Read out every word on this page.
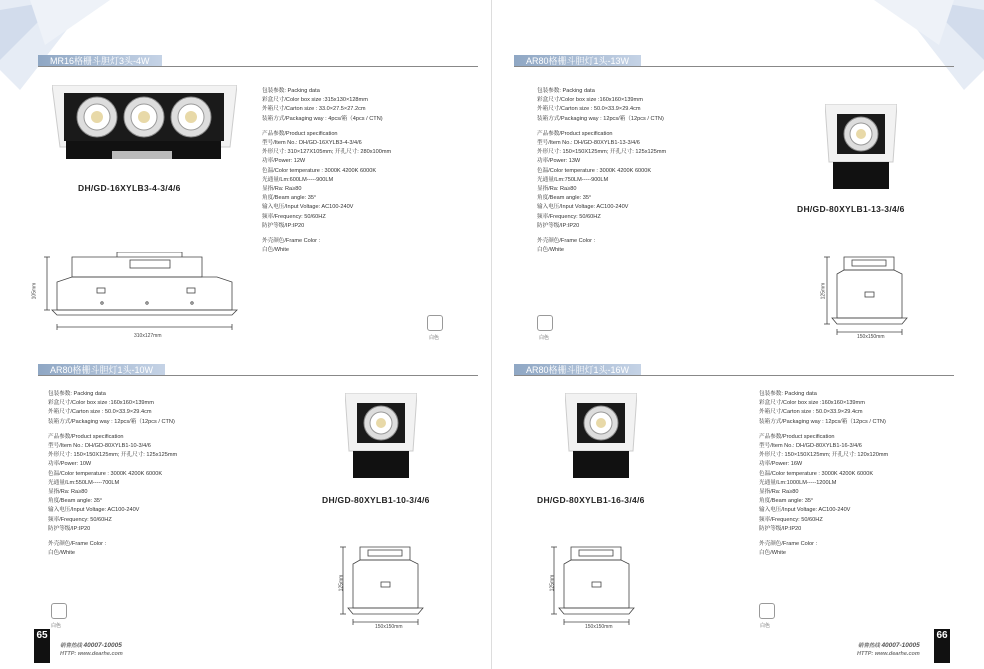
MR16格栅斗胆灯3头-4W
DH/GD-16XYLB3-4-3/4/6
包装参数: Packing data
彩盒尺寸/Color box size :315x130×128mm
外箱尺寸/Carton size : 33.0×27.5×27.2cm
装箱方式/Packaging way : 4pcs/箱（4pcs / CTN)
产品参数/Product specification
型号/Item No.: DH/GD-16XYLB3-4-3/4/6
外形尺寸: 310×127X105mm; 开孔尺寸: 280x100mm
功率/Power: 12W
色温/Color temperature : 3000K 4200K 6000K
光通量/Lm:600LM-----900LM
显指/Ra: Ra≥80
角度/Beam angle: 35°
输入电压/Input Voltage: AC100-240V
频率/Frequency: 50/60HZ
防护等级/IP:IP20
外壳颜色/Frame Color :
白色/White
310x127mm
105mm
白色
AR80格栅斗胆灯1头-10W
包装参数: Packing data
彩盒尺寸/Color box size :160x160×139mm
外箱尺寸/Carton size : 50.0×33.9×29.4cm
装箱方式/Packaging way : 12pcs/箱（12pcs / CTN)
产品参数/Product specification
型号/Item No.: DH/GD-80XYLB1-10-3/4/6
外形尺寸: 150×150X125mm; 开孔尺寸: 125x125mm
功率/Power: 10W
色温/Color temperature : 3000K 4200K 6000K
光通量/Lm:550LM-----700LM
显指/Ra: Ra≥80
角度/Beam angle: 35°
输入电压/Input Voltage: AC100-240V
频率/Frequency: 50/60HZ
防护等级/IP:IP20
外壳颜色/Frame Color :
白色/White
DH/GD-80XYLB1-10-3/4/6
150x150mm
125mm
白色
65
销售热线 40007-10005
HTTP: www.dearhe.com
AR80格栅斗胆灯1头-13W
包装参数: Packing data
彩盒尺寸/Color box size :160x160×139mm
外箱尺寸/Carton size : 50.0×33.9×29.4cm
装箱方式/Packaging way : 12pcs/箱（12pcs / CTN)
产品参数/Product specification
型号/Item No.: DH/GD-80XYLB1-13-3/4/6
外形尺寸: 150×150X125mm; 开孔尺寸: 125x125mm
功率/Power: 13W
色温/Color temperature : 3000K 4200K 6000K
光通量/Lm:750LM-----900LM
显指/Ra: Ra≥80
角度/Beam angle: 35°
输入电压/Input Voltage: AC100-240V
频率/Frequency: 50/60HZ
防护等级/IP:IP20
外壳颜色/Frame Color :
白色/White
DH/GD-80XYLB1-13-3/4/6
150x150mm
125mm
白色
AR80格栅斗胆灯1头-16W
DH/GD-80XYLB1-16-3/4/6
包装参数: Packing data
彩盒尺寸/Color box size :160x160×139mm
外箱尺寸/Carton size : 50.0×33.9×29.4cm
装箱方式/Packaging way : 12pcs/箱（12pcs / CTN)
产品参数/Product specification
型号/Item No.: DH/GD-80XYLB1-16-3/4/6
外形尺寸: 150×150X125mm; 开孔尺寸: 120x120mm
功率/Power: 16W
色温/Color temperature : 3000K 4200K 6000K
光通量/Lm:1000LM-----1200LM
显指/Ra: Ra≥80
角度/Beam angle: 35°
输入电压/Input Voltage: AC100-240V
频率/Frequency: 50/60HZ
防护等级/IP:IP20
外壳颜色/Frame Color :
白色/White
150x150mm
125mm
白色
销售热线 40007-10005
HTTP: www.dearhe.com
66
